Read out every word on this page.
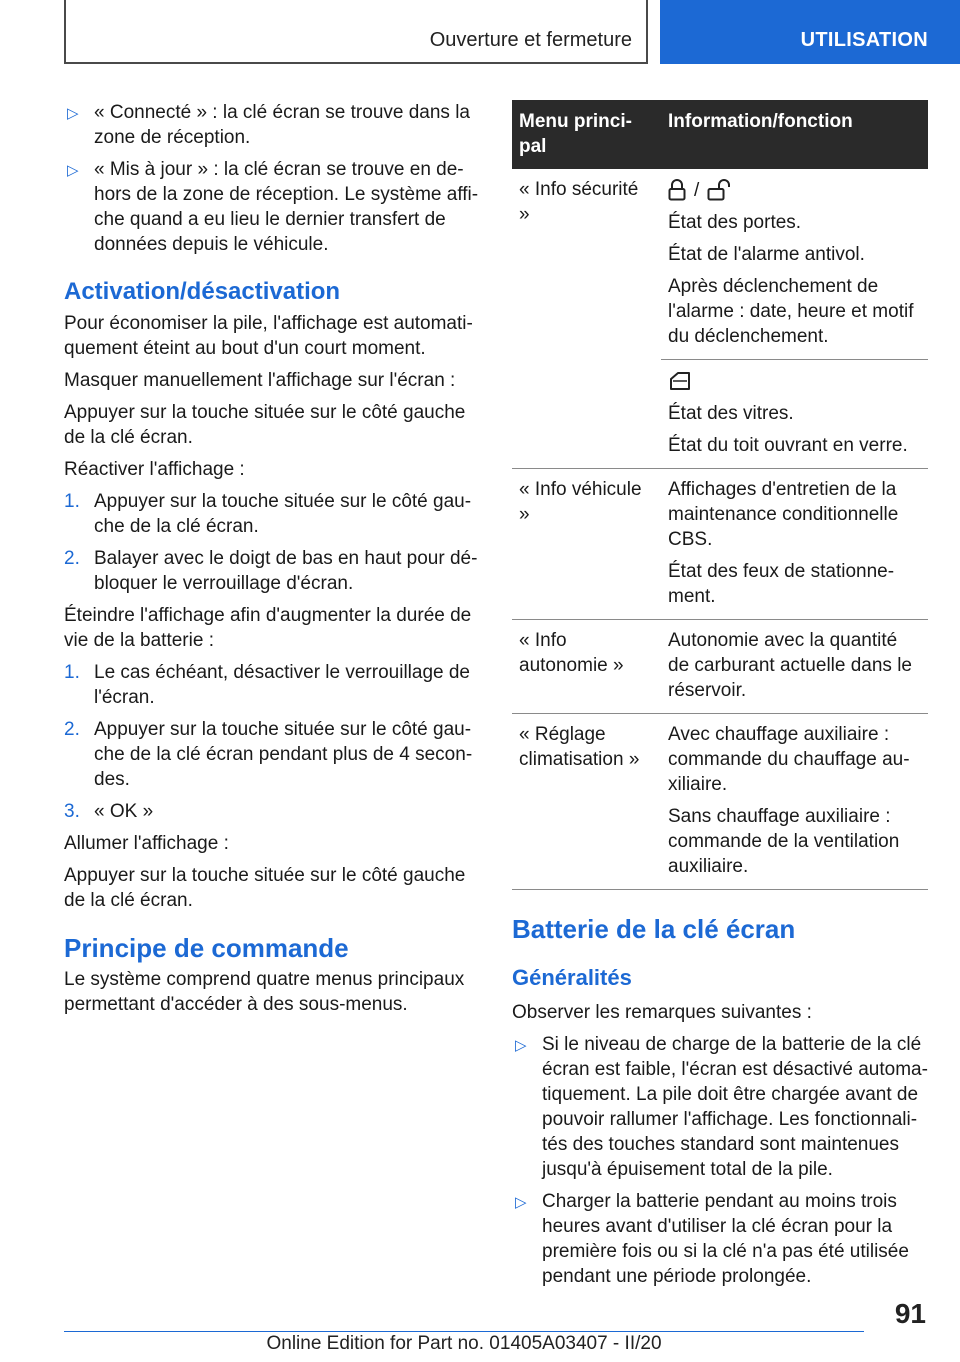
Ouverture et fermeture	UTILISATION
▷ « Connecté » : la clé écran se trouve dans la zone de réception.
▷ « Mis à jour » : la clé écran se trouve en de- hors de la zone de réception. Le système affi- che quand a eu lieu le dernier transfert de données depuis le véhicule.
Activation/désactivation

Pour économiser la pile, l'affichage est automati- quement éteint au bout d'un court moment.

Masquer manuellement l'affichage sur l'écran :

Appuyer sur la touche située sur le côté gauche de la clé écran.

Réactiver l'affichage :

1. Appuyer sur la touche située sur le côté gau- che de la clé écran.
2. Balayer avec le doigt de bas en haut pour dé- bloquer le verrouillage d'écran.

Éteindre l'affichage afin d'augmenter la durée de vie de la batterie :

1. Le cas échéant, désactiver le verrouillage de l'écran.
2. Appuyer sur la touche située sur le côté gau- che de la clé écran pendant plus de 4 secon- des.
3. « OK »

Allumer l'affichage :

Appuyer sur la touche située sur le côté gauche de la clé écran.

Principe de commande

Le système comprend quatre menus principaux permettant d'accéder à des sous-menus.

Menu princi- pal	Information/fonction
« Info sécurité »	/

État des portes.

État de l'alarme antivol.

Après déclenchement de l'alarme : date, heure et motif du déclenchement.

	État des vitres.

État du toit ouvrant en verre.

« Info véhicule »	Affichages d'entretien de la maintenance conditionnelle CBS.

État des feux de stationne- ment.

« Info autonomie »	Autonomie avec la quantité de carburant actuelle dans le réservoir.

« Réglage climatisation »	Avec chauffage auxiliaire : commande du chauffage au- xiliaire.

Sans chauffage auxiliaire : commande de la ventilation auxiliaire.

Batterie de la clé écran
Généralités

Observer les remarques suivantes :

▷ Si le niveau de charge de la batterie de la clé écran est faible, l'écran est désactivé automa- tiquement. La pile doit être chargée avant de pouvoir rallumer l'affichage. Les fonctionnali- tés des touches standard sont maintenues jusqu'à épuisement total de la pile.
▷ Charger la batterie pendant au moins trois heures avant d'utiliser la clé écran pour la première fois ou si la clé n'a pas été utilisée pendant une période prolongée.
91
Online Edition for Part no. 01405A03407 - II/20
